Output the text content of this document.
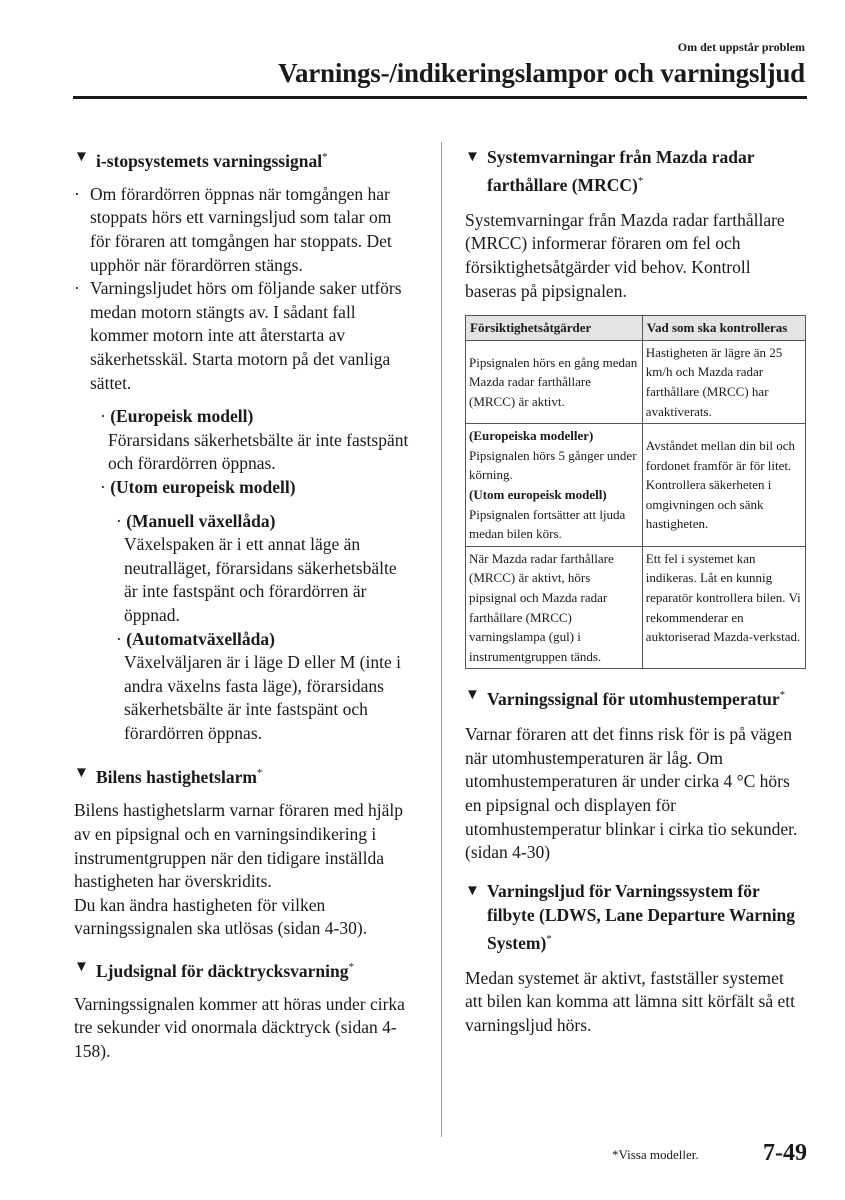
Om det uppstår problem
Varnings-/indikeringslampor och varningsljud
▼ i-stopsystemets varningssignal*
· Om förardörren öppnas när tomgången har stoppats hörs ett varningsljud som talar om för föraren att tomgången har stoppats. Det upphör när förardörren stängs.
· Varningsljudet hörs om följande saker utförs medan motorn stängts av. I sådant fall kommer motorn inte att återstarta av säkerhetsskäl. Starta motorn på det vanliga sättet.
· (Europeisk modell)
Förarsidans säkerhetsbälte är inte fastspänt och förardörren öppnas.
· (Utom europeisk modell)
· (Manuell växellåda)
Växelspaken är i ett annat läge än neutralläget, förarsidans säkerhetsbälte är inte fastspänt och förardörren är öppnad.
· (Automatväxellåda)
Växelväljaren är i läge D eller M (inte i andra växelns fasta läge), förarsidans säkerhetsbälte är inte fastspänt och förardörren öppnas.
▼ Bilens hastighetslarm*

Bilens hastighetslarm varnar föraren med hjälp av en pipsignal och en varningsindikering i instrumentgruppen när den tidigare inställda hastigheten har överskridits.

Du kan ändra hastigheten för vilken varningssignalen ska utlösas (sidan 4-30).

▼ Ljudsignal för däcktrycksvarning*

Varningssignalen kommer att höras under cirka tre sekunder vid onormala däcktryck (sidan 4-158).

▼ Systemvarningar från Mazda radar farthållare (MRCC)*

Systemvarningar från Mazda radar farthållare (MRCC) informerar föraren om fel och försiktighetsåtgärder vid behov. Kontroll baseras på pipsignalen.

Försiktighetsåtgärder	Vad som ska kontrolleras
Pipsignalen hörs en gång medan Mazda radar farthållare (MRCC) är aktivt.	Hastigheten är lägre än 25 km/h och Mazda radar farthållare (MRCC) har avaktiverats.
(Europeiska modeller)
Pipsignalen hörs 5 gånger under körning.
(Utom europeisk modell)
Pipsignalen fortsätter att ljuda medan bilen körs.	Avståndet mellan din bil och fordonet framför är för litet. Kontrollera säkerheten i omgivningen och sänk hastigheten.
När Mazda radar farthållare (MRCC) är aktivt, hörs pipsignal och Mazda radar farthållare (MRCC) varningslampa (gul) i instrumentgruppen tänds.	Ett fel i systemet kan indikeras. Låt en kunnig reparatör kontrollera bilen. Vi rekommenderar en auktoriserad Mazda-verkstad.
▼ Varningssignal för utomhustemperatur*

Varnar föraren att det finns risk för is på vägen när utomhustemperaturen är låg. Om utomhustemperaturen är under cirka 4 °C hörs en pipsignal och displayen för utomhustemperatur blinkar i cirka tio sekunder. (sidan 4-30)

▼ Varningsljud för Varningssystem för filbyte (LDWS, Lane Departure Warning System)*

Medan systemet är aktivt, fastställer systemet att bilen kan komma att lämna sitt körfält så ett varningsljud hörs.

*Vissa modeller.	7-49
